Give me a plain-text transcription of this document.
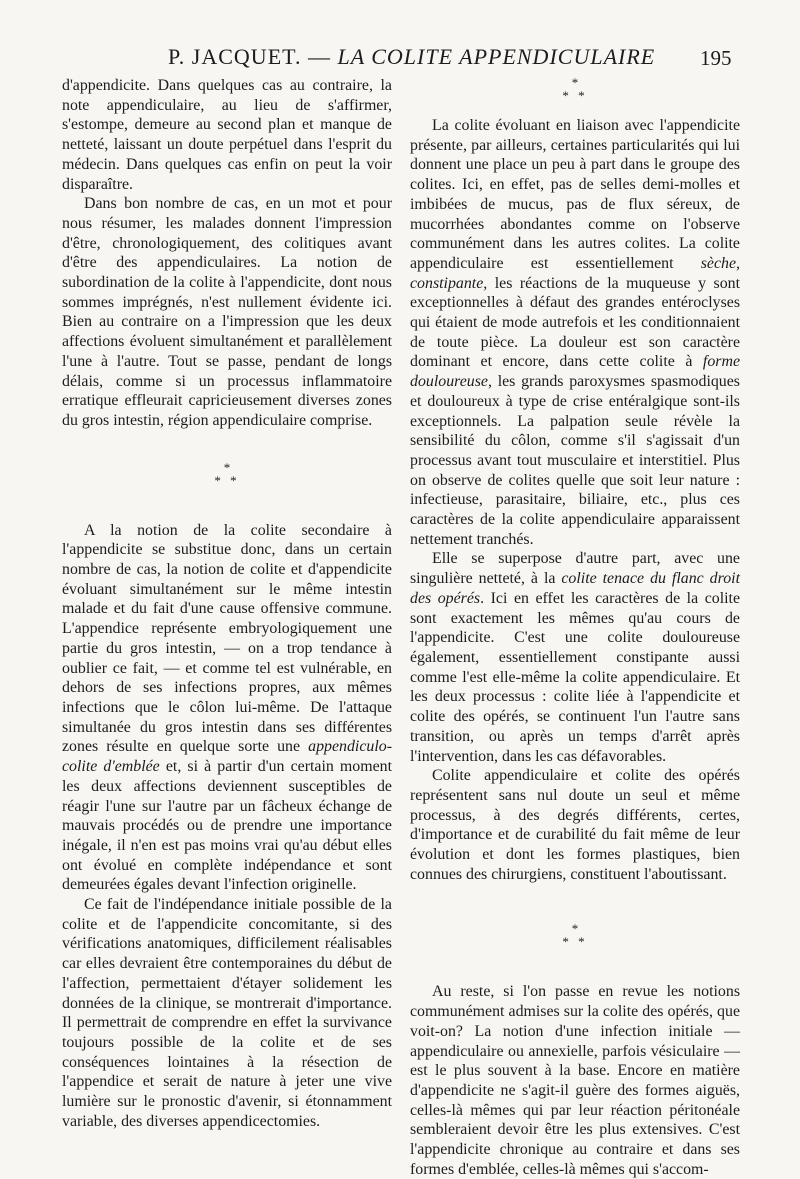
P. JACQUET. — LA COLITE APPENDICULAIRE 195

d'appendicite. Dans quelques cas au contraire, la note appendiculaire, au lieu de s'affirmer, s'estompe, demeure au second plan et manque de netteté, laissant un doute perpétuel dans l'esprit du médecin. Dans quelques cas enfin on peut la voir disparaître.

Dans bon nombre de cas, en un mot et pour nous résumer, les malades donnent l'impression d'être, chronologiquement, des colitiques avant d'être des appendiculaires. La notion de subordination de la colite à l'appendicite, dont nous sommes imprégnés, n'est nullement évidente ici. Bien au contraire on a l'impression que les deux affections évoluent simultanément et parallèlement l'une à l'autre. Tout se passe, pendant de longs délais, comme si un processus inflammatoire erratique effleurait capricieusement diverses zones du gros intestin, région appendiculaire comprise.

*
* *

A la notion de la colite secondaire à l'appendicite se substitue donc, dans un certain nombre de cas, la notion de colite et d'appendicite évoluant simultanément sur le même intestin malade et du fait d'une cause offensive commune. L'appendice représente embryologiquement une partie du gros intestin, — on a trop tendance à oublier ce fait, — et comme tel est vulnérable, en dehors de ses infections propres, aux mêmes infections que le côlon lui-même. De l'attaque simultanée du gros intestin dans ses différentes zones résulte en quelque sorte une appendiculo-colite d'emblée et, si à partir d'un certain moment les deux affections deviennent susceptibles de réagir l'une sur l'autre par un fâcheux échange de mauvais procédés ou de prendre une importance inégale, il n'en est pas moins vrai qu'au début elles ont évolué en complète indépendance et sont demeurées égales devant l'infection originelle.

Ce fait de l'indépendance initiale possible de la colite et de l'appendicite concomitante, si des vérifications anatomiques, difficilement réalisables car elles devraient être contemporaines du début de l'affection, permettaient d'étayer solidement les données de la clinique, se montrerait d'importance. Il permettrait de comprendre en effet la survivance toujours possible de la colite et de ses conséquences lointaines à la résection de l'appendice et serait de nature à jeter une vive lumière sur le pronostic d'avenir, si étonnamment variable, des diverses appendicectomies.

*
* *

La colite évoluant en liaison avec l'appendicite présente, par ailleurs, certaines particularités qui lui donnent une place un peu à part dans le groupe des colites. Ici, en effet, pas de selles demi-molles et imbibées de mucus, pas de flux séreux, de mucorrhées abondantes comme on l'observe communément dans les autres colites. La colite appendiculaire est essentiellement sèche, constipante, les réactions de la muqueuse y sont exceptionnelles à défaut des grandes entéroclyses qui étaient de mode autrefois et les conditionnaient de toute pièce. La douleur est son caractère dominant et encore, dans cette colite à forme douloureuse, les grands paroxysmes spasmodiques et douloureux à type de crise entéralgique sont-ils exceptionnels. La palpation seule révèle la sensibilité du côlon, comme s'il s'agissait d'un processus avant tout musculaire et interstitiel. Plus on observe de colites quelle que soit leur nature : infectieuse, parasitaire, biliaire, etc., plus ces caractères de la colite appendiculaire apparaissent nettement tranchés.

Elle se superpose d'autre part, avec une singulière netteté, à la colite tenace du flanc droit des opérés. Ici en effet les caractères de la colite sont exactement les mêmes qu'au cours de l'appendicite. C'est une colite douloureuse également, essentiellement constipante aussi comme l'est elle-même la colite appendiculaire. Et les deux processus : colite liée à l'appendicite et colite des opérés, se continuent l'un l'autre sans transition, ou après un temps d'arrêt après l'intervention, dans les cas défavorables.

Colite appendiculaire et colite des opérés représentent sans nul doute un seul et même processus, à des degrés différents, certes, d'importance et de curabilité du fait même de leur évolution et dont les formes plastiques, bien connues des chirurgiens, constituent l'aboutissant.

*
* *

Au reste, si l'on passe en revue les notions communément admises sur la colite des opérés, que voit-on? La notion d'une infection initiale — appendiculaire ou annexielle, parfois vésiculaire — est le plus souvent à la base. Encore en matière d'appendicite ne s'agit-il guère des formes aiguës, celles-là mêmes qui par leur réaction péritonéale sembleraient devoir être les plus extensives. C'est l'appendicite chronique au contraire et dans ses formes d'emblée, celles-là mêmes qui s'accom-
